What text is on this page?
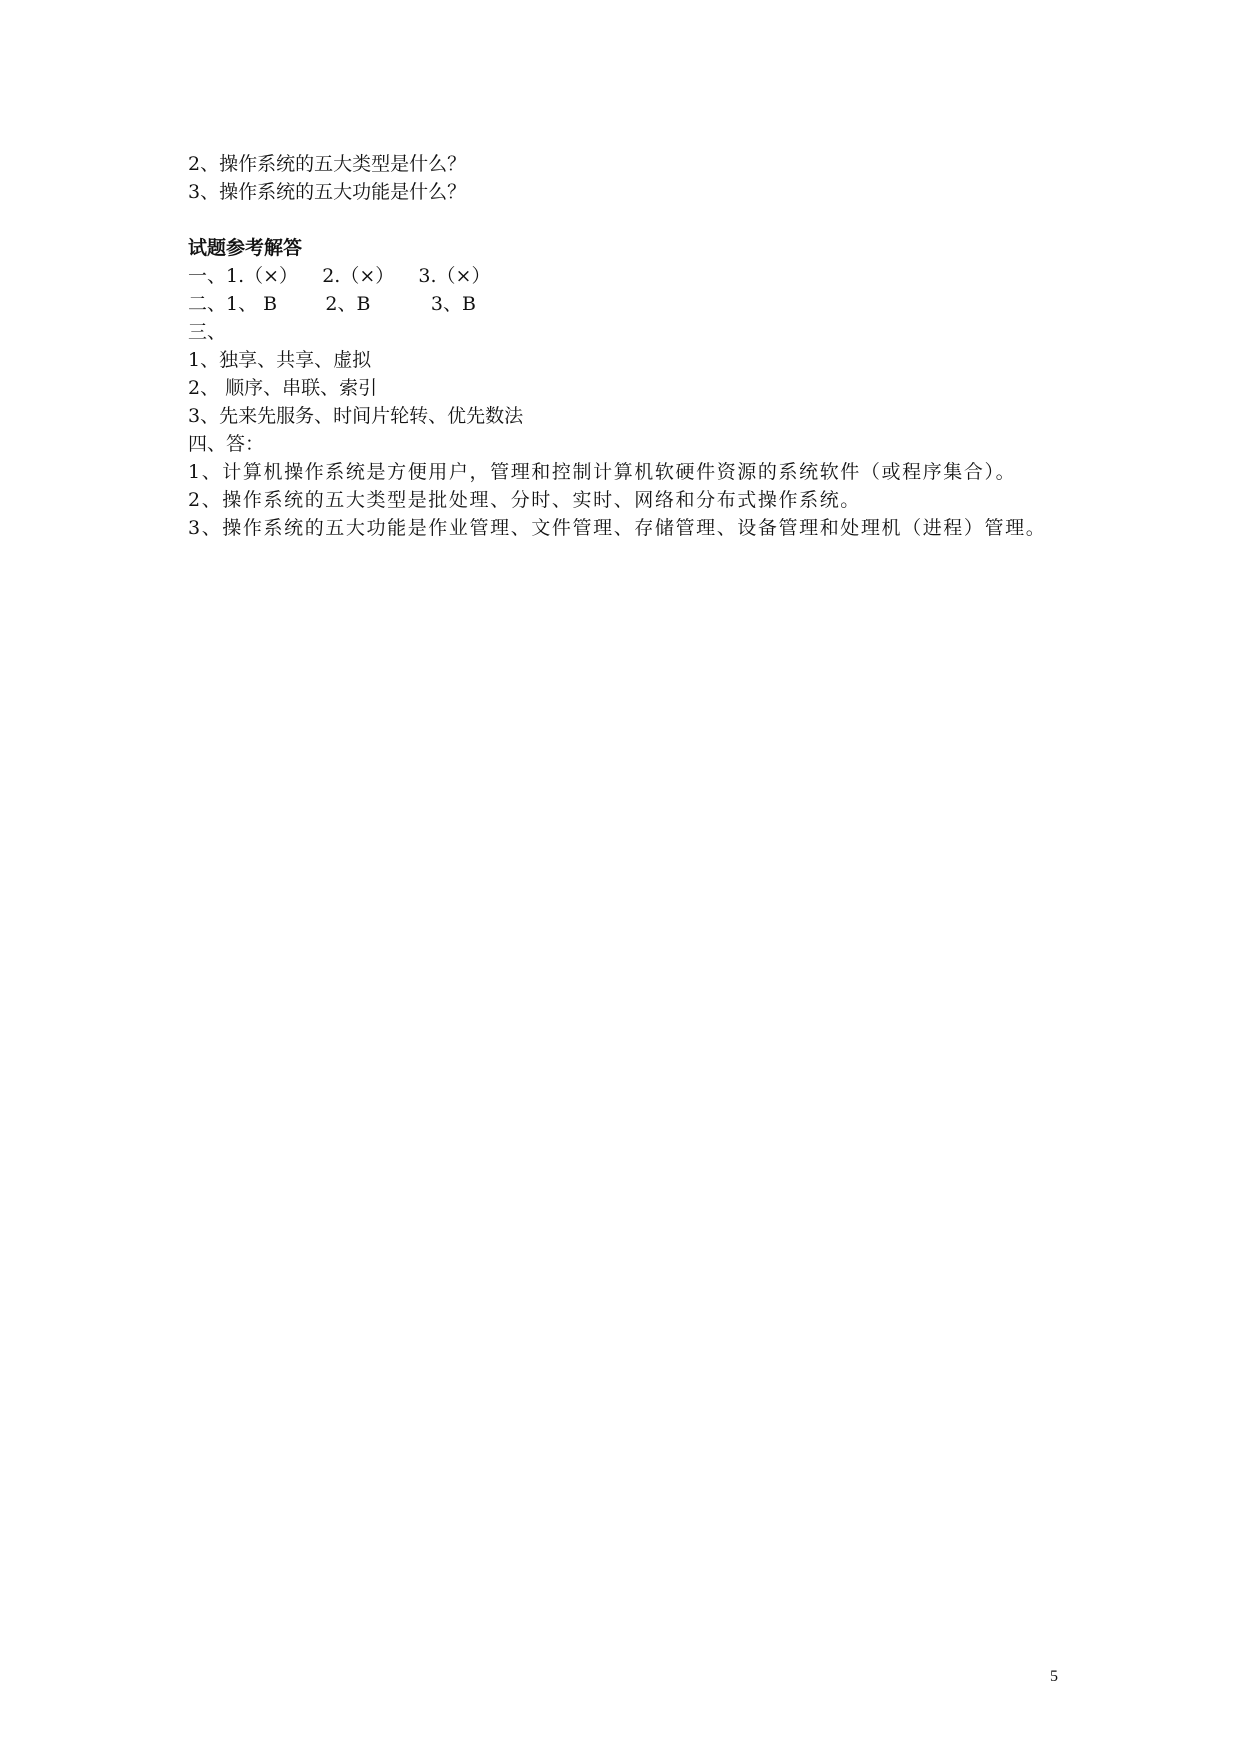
2、操作系统的五大类型是什么？
3、操作系统的五大功能是什么？
试题参考解答
一、1.（×）    2.（×）    3.（×）
二、1、 B        2、B          3、B
三、
1、独享、共享、虚拟
2、 顺序、串联、索引
3、先来先服务、时间片轮转、优先数法
四、答：
1、计算机操作系统是方便用户，管理和控制计算机软硬件资源的系统软件（或程序集合）。
2、操作系统的五大类型是批处理、分时、实时、网络和分布式操作系统。
3、操作系统的五大功能是作业管理、文件管理、存储管理、设备管理和处理机（进程）管理。
5
